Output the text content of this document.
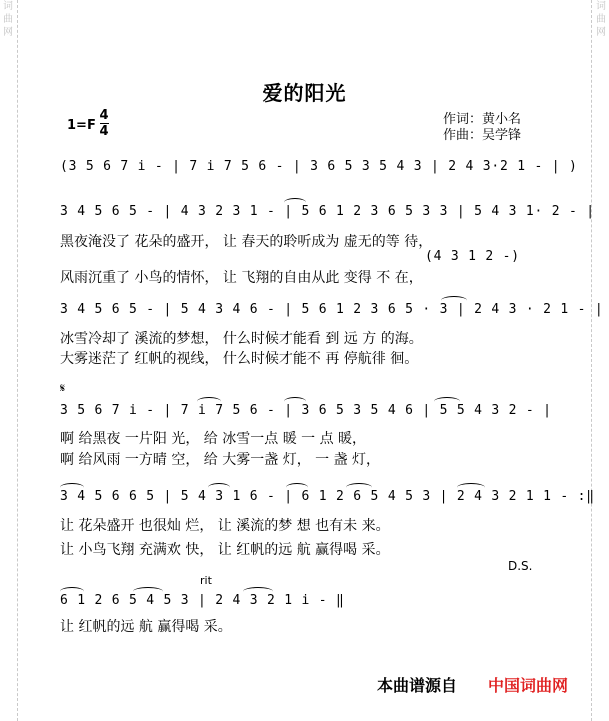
词
曲
网
词
曲
网
爱的阳光
1=F
4
4
作词：黄小名
作曲：吴学锋
(3 5 6 7 i - | 7 i 7 5 6 - | 3 6 5 3 5 4 3 | 2 4 3·2 1 - | )
3 4 5 6 5 - | 4 3 2 3 1 - | 5 6 1 2 3 6 5 3 3 | 5 4 3 1· 2 - |
黑夜淹没了 花朵的盛开， 让 春天的聆听成为 虚无的等 待，
(4 3 1 2 -)
风雨沉重了 小鸟的情怀， 让 飞翔的自由从此 变得 不 在，
3 4 5 6 5 - | 5 4 3 4 6 - | 5 6 1 2 3 6 5 · 3 | 2 4 3 · 2 1 - |
冰雪冷却了 溪流的梦想， 什么时候才能看 到 远 方 的海。
大雾迷茫了 红帆的视线， 什么时候才能不 再 停航徘 徊。
𝄋
3 5 6 7 i - | 7 i 7 5 6 - | 3 6 5 3 5 4 6 | 5 5 4 3 2 - |
啊 给黑夜 一片阳 光， 给 冰雪一点 暖 一 点 暖，
啊 给风雨 一方晴 空， 给 大雾一盏 灯， 一 盏 灯，
3 4 5 6 6 5 | 5 4 3 1 6 - | 6 1 2 6 5 4 5 3 | 2 4 3 2 1 1 - :‖
让 花朵盛开 也很灿 烂， 让 溪流的梦 想 也有未 来。
让 小鸟飞翔 充满欢 快， 让 红帆的远 航 赢得喝 采。
D.S.
rit
6 1 2 6 5 4 5 3 | 2 4 3 2 1 i - ‖
让 红帆的远 航 赢得喝 采。
本曲谱源自 中国词曲网
